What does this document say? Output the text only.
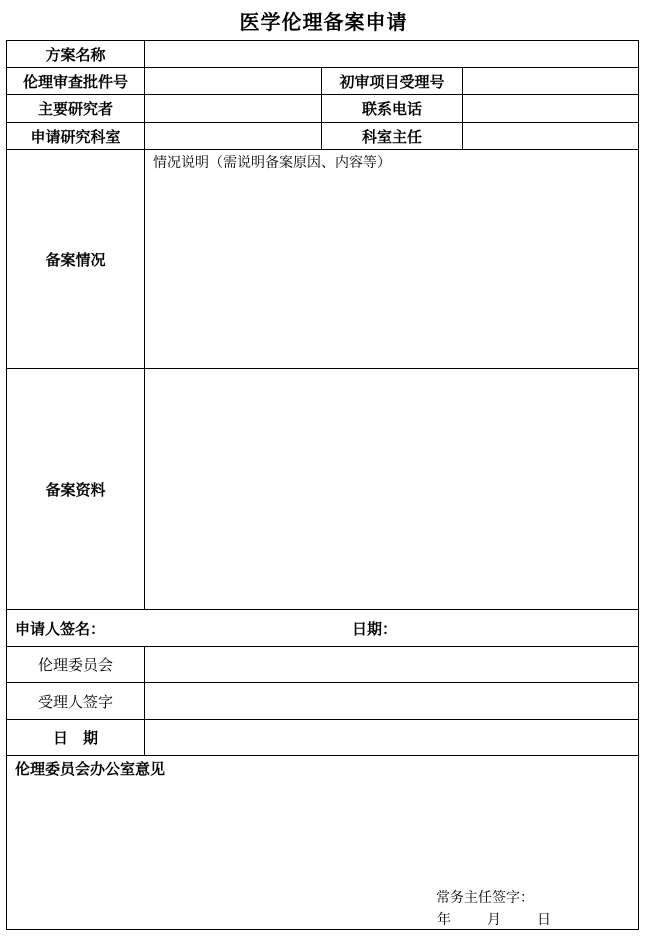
医学伦理备案申请
方案名称
伦理审查批件号	初审项目受理号
主要研究者	联系电话
申请研究科室	科室主任
备案情况
情况说明（需说明备案原因、内容等）
备案资料
申请人签名：	日期：
伦理委员会
受理人签字
日　期
伦理委员会办公室意见
常务主任签字：
年	月	日
